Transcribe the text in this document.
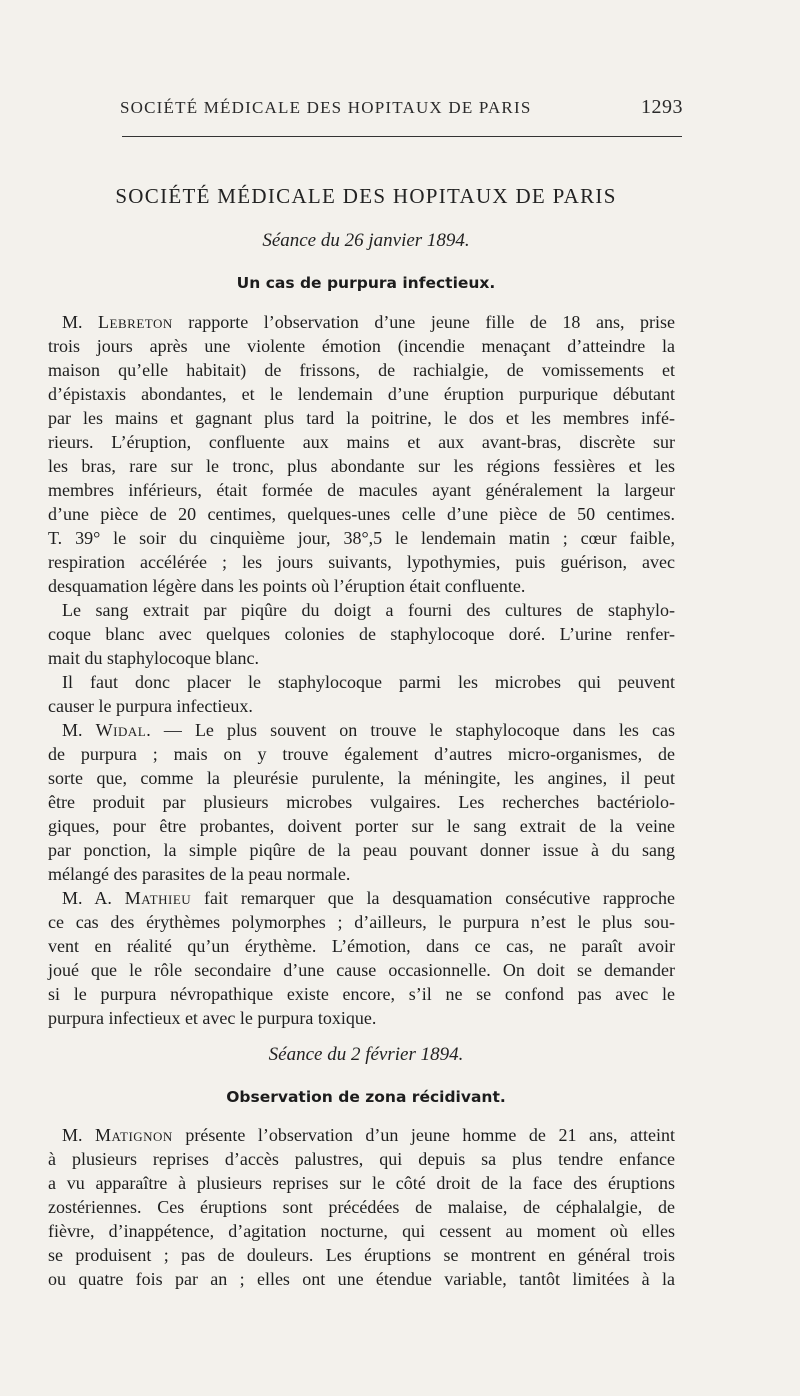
SOCIÉTÉ MÉDICALE DES HOPITAUX DE PARIS	1293
SOCIÉTÉ MÉDICALE DES HOPITAUX DE PARIS
Séance du 26 janvier 1894.
Un cas de purpura infectieux.
M. Lebreton rapporte l’observation d’une jeune fille de 18 ans, prise
trois jours après une violente émotion (incendie menaçant d’atteindre la
maison qu’elle habitait) de frissons, de rachialgie, de vomissements et
d’épistaxis abondantes, et le lendemain d’une éruption purpurique débutant
par les mains et gagnant plus tard la poitrine, le dos et les membres infé-
rieurs. L’éruption, confluente aux mains et aux avant-bras, discrète sur
les bras, rare sur le tronc, plus abondante sur les régions fessières et les
membres inférieurs, était formée de macules ayant généralement la largeur
d’une pièce de 20 centimes, quelques-unes celle d’une pièce de 50 centimes.
T. 39° le soir du cinquième jour, 38°,5 le lendemain matin ; cœur faible,
respiration accélérée ; les jours suivants, lypothymies, puis guérison, avec
desquamation légère dans les points où l’éruption était confluente.
Le sang extrait par piqûre du doigt a fourni des cultures de staphylo-
coque blanc avec quelques colonies de staphylocoque doré. L’urine renfer-
mait du staphylocoque blanc.
Il faut donc placer le staphylocoque parmi les microbes qui peuvent
causer le purpura infectieux.
M. Widal. — Le plus souvent on trouve le staphylocoque dans les cas
de purpura ; mais on y trouve également d’autres micro-organismes, de
sorte que, comme la pleurésie purulente, la méningite, les angines, il peut
être produit par plusieurs microbes vulgaires. Les recherches bactériolo-
giques, pour être probantes, doivent porter sur le sang extrait de la veine
par ponction, la simple piqûre de la peau pouvant donner issue à du sang
mélangé des parasites de la peau normale.
M. A. Mathieu fait remarquer que la desquamation consécutive rapproche
ce cas des érythèmes polymorphes ; d’ailleurs, le purpura n’est le plus sou-
vent en réalité qu’un érythème. L’émotion, dans ce cas, ne paraît avoir
joué que le rôle secondaire d’une cause occasionnelle. On doit se demander
si le purpura névropathique existe encore, s’il ne se confond pas avec le
purpura infectieux et avec le purpura toxique.
Séance du 2 février 1894.
Observation de zona récidivant.
M. Matignon présente l’observation d’un jeune homme de 21 ans, atteint
à plusieurs reprises d’accès palustres, qui depuis sa plus tendre enfance
a vu apparaître à plusieurs reprises sur le côté droit de la face des éruptions
zostériennes. Ces éruptions sont précédées de malaise, de céphalalgie, de
fièvre, d’inappétence, d’agitation nocturne, qui cessent au moment où elles
se produisent ; pas de douleurs. Les éruptions se montrent en général trois
ou quatre fois par an ; elles ont une étendue variable, tantôt limitées à la
